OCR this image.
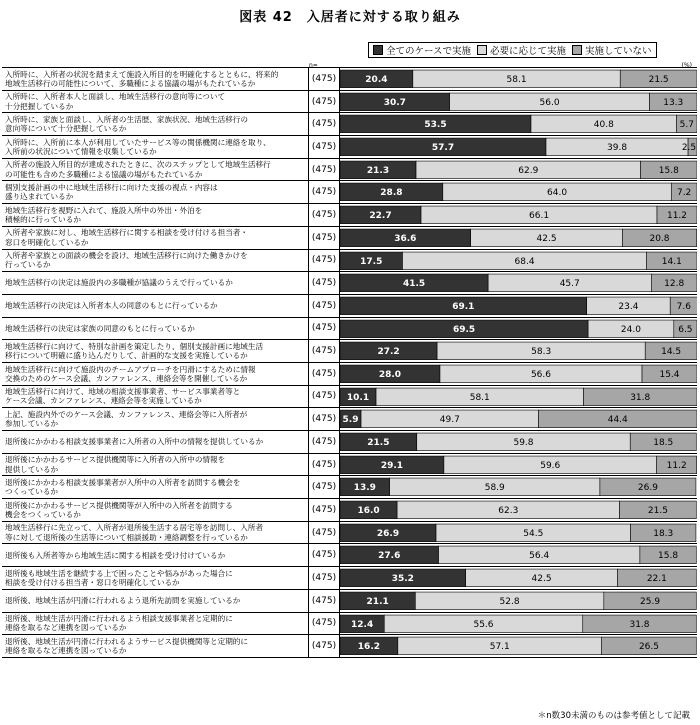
図表 42　入居者に対する取り組み
全てのケースで実施 必要に応じて実施 実施していない
n=	(%)
入所時に、入所者の状況を踏まえて施設入所目的を明確化するとともに、将来的
地域生活移行の可能性について、多職種による協議の場がもたれているか	(475)	20.4	58.1	21.5
入所時に、入所者本人と面談し、地域生活移行の意向等について
十分把握しているか	(475)	30.7	56.0	13.3
入所時に、家族と面談し、入所者の生活歴、家族状況、地域生活移行の
意向等について十分把握しているか	(475)	53.5	40.8	5.7
入所時に、入所前に本人が利用していたサービス等の関係機関に連絡を取り、
入所前の状況について情報を収集しているか	(475)	57.7	39.8	2.5
入所者の施設入所目的が達成されたときに、次のステップとして地域生活移行
の可能性も含めた多職種による協議の場がもたれているか	(475)	21.3	62.9	15.8
個別支援計画の中に地域生活移行に向けた支援の視点・内容は
盛り込まれているか	(475)	28.8	64.0	7.2
地域生活移行を視野に入れて、施設入所中の外出・外泊を
積極的に行っているか	(475)	22.7	66.1	11.2
入所者や家族に対し、地域生活移行に関する相談を受け付ける担当者・
窓口を明確化しているか	(475)	36.6	42.5	20.8
入所者や家族との面談の機会を設け、地域生活移行に向けた働きかけを
行っているか	(475)	17.5	68.4	14.1
地域生活移行の決定は施設内の多職種が協議のうえで行っているか	(475)	41.5	45.7	12.8
地域生活移行の決定は入所者本人の同意のもとに行っているか	(475)	69.1	23.4	7.6
地域生活移行の決定は家族の同意のもとに行っているか	(475)	69.5	24.0	6.5
地域生活移行に向けて、特別な計画を策定したり、個別支援計画に地域生活
移行について明確に盛り込んだりして、計画的な支援を実施しているか	(475)	27.2	58.3	14.5
地域生活移行に向けて施設内のチームアプローチを円滑にするために情報
交換のためのケース会議、カンファレンス、連絡会等を開催しているか	(475)	28.0	56.6	15.4
地域生活移行に向けて、地域の相談支援事業者、サービス事業者等と
ケース会議、カンファレンス、連絡会等を実施しているか	(475)	10.1	58.1	31.8
上記、施設内外でのケース会議、カンファレンス、連絡会等に入所者が
参加しているか	(475) 5.9	49.7	44.4
退所後にかかわる相談支援事業者に入所者の入所中の情報を提供しているか	(475)	21.5	59.8	18.5
退所後にかかわるサービス提供機関等に入所者の入所中の情報を
提供しているか	(475)	29.1	59.6	11.2
退所後にかかわる相談支援事業者が入所中の入所者を訪問する機会を
つくっているか	(475)	13.9	58.9	26.9
退所後にかかわるサービス提供機関等が入所中の入所者を訪問する
機会をつくっているか	(475)	16.0	62.3	21.5
地域生活移行に先立って、入所者が退所後生活する居宅等を訪問し、入所者
等に対して退所後の生活等について相談援助・連絡調整を行っているか	(475)	26.9	54.5	18.3
退所後も入所者等から地域生活に関する相談を受け付けているか	(475)	27.6	56.4	15.8
退所後も地域生活を継続する上で困ったことや悩みがあった場合に
相談を受け付ける担当者・窓口を明確化しているか	(475)	35.2	42.5	22.1
退所後、地域生活が円滑に行われるよう退所先訪問を実施しているか	(475)	21.1	52.8	25.9
退所後、地域生活が円滑に行われるよう相談支援事業者と定期的に
連絡を取るなど連携を図っているか	(475)	12.4	55.6	31.8
退所後、地域生活が円滑に行われるようサービス提供機関等と定期的に
連絡を取るなど連携を図っているか	(475)	16.2	57.1	26.5
＊n数30未満のものは参考値として記載
